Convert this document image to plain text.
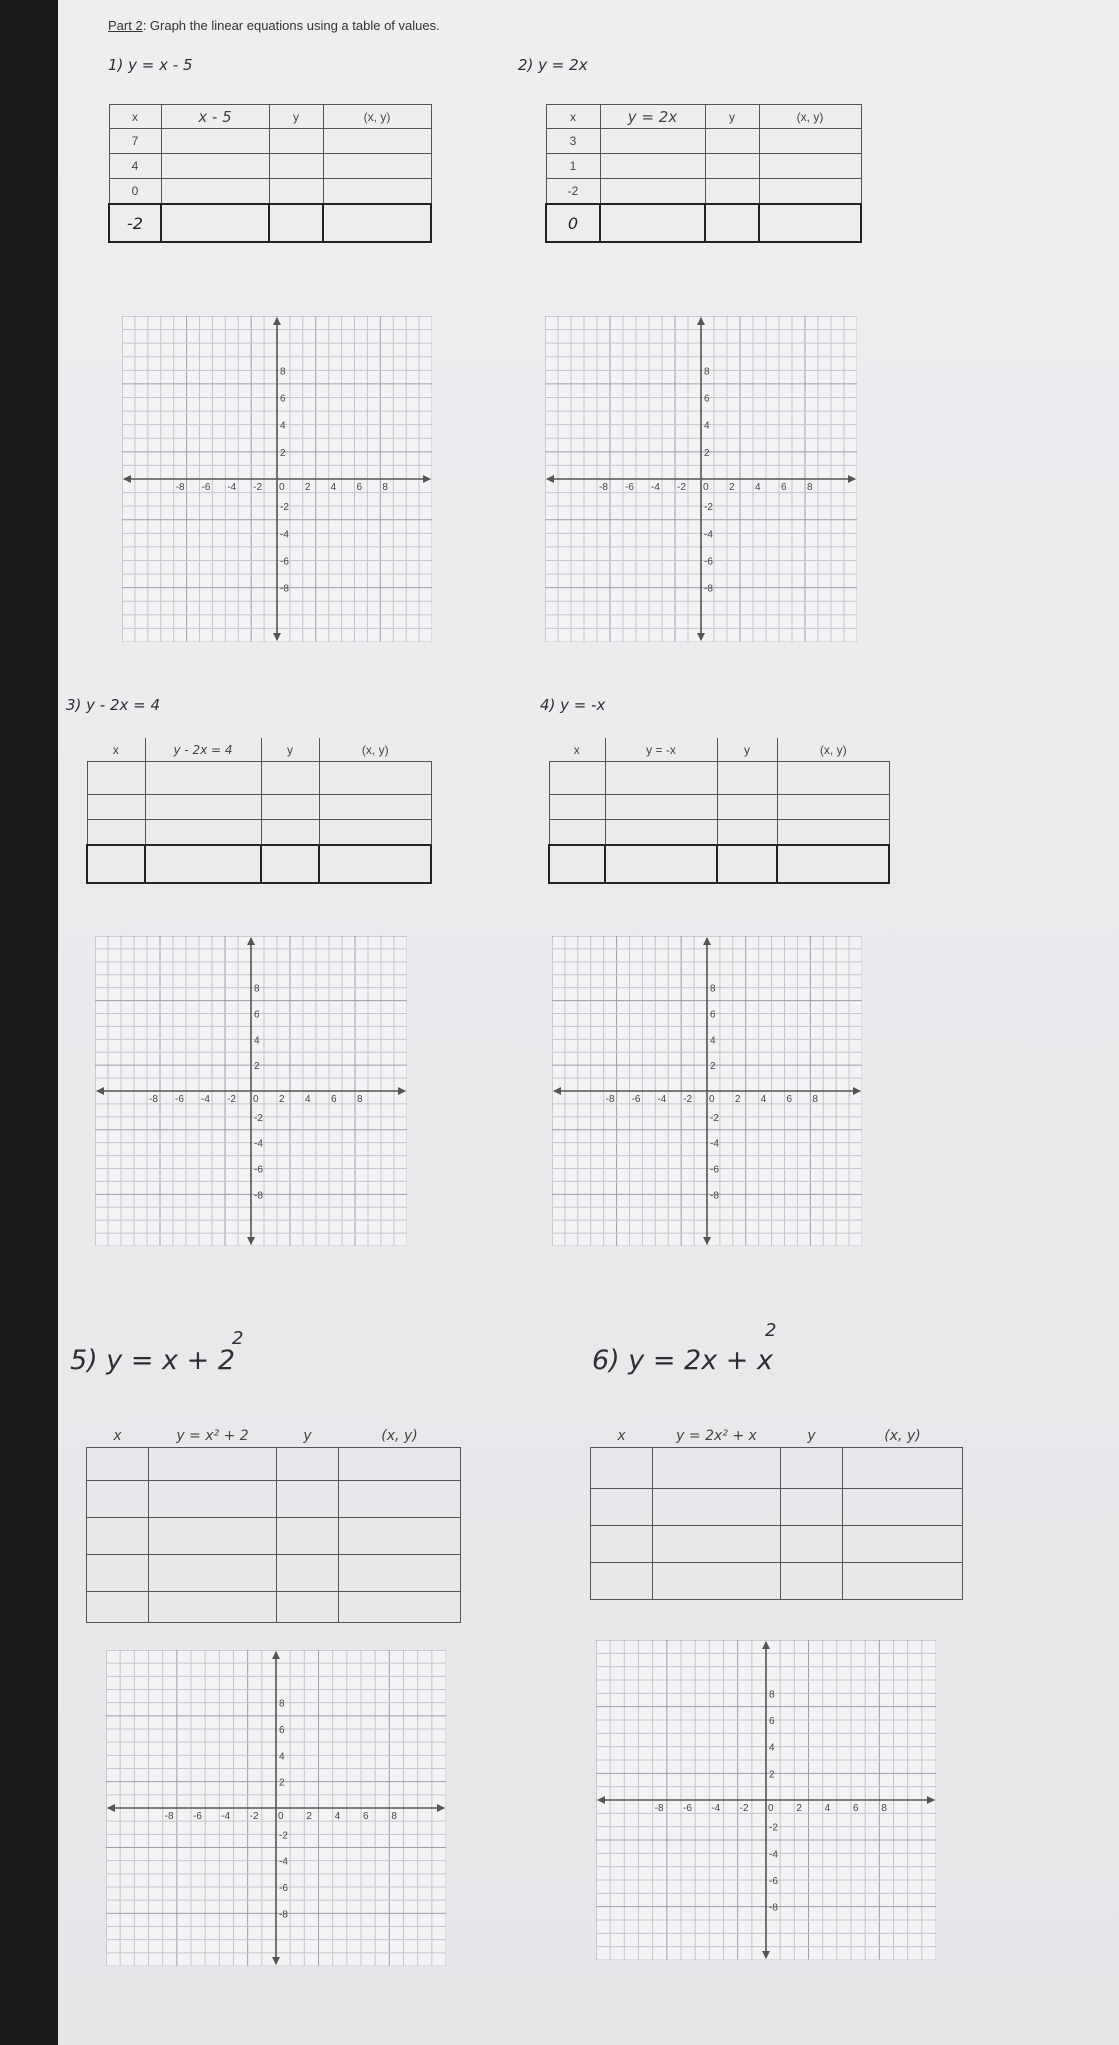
Part 2: Graph the linear equations using a table of values.
1) y = x - 5	2) y = 2x
3) y - 2x = 4	4) y = -x
5) y = x + 2
2
6) y = 2x + x
2
x	x - 5	y	(x, y)
7			
4			
0			
-2			
x	y = 2x	y	(x, y)
3			
1			
-2			
0			
x	y - 2x = 4	y	(x, y)

				x	y = -x	y	(x, y)

x	y = x² + 2	y	(x, y)

				x	y = 2x² + x	y	(x, y)

-8 -6 -4 -2 0 2 4 6 8
8
6
4
2
-2
-4
-6
-8
-8 -6 -4 -2 0 2 4 6 8
8
6
4
2
-2
-4
-6
-8
-8 -6 -4 -2 0 2 4 6 8
8
6
4
2
-2
-4
-6
-8
-8 -6 -4 -2 0 2 4 6 8
8
6
4
2
-2
-4
-6
-8
-8 -6 -4 -2 0 2 4 6 8
8
6
4
2
-2
-4
-6
-8
-8 -6 -4 -2 0 2 4 6 8
8
6
4
2
-2
-4
-6
-8
